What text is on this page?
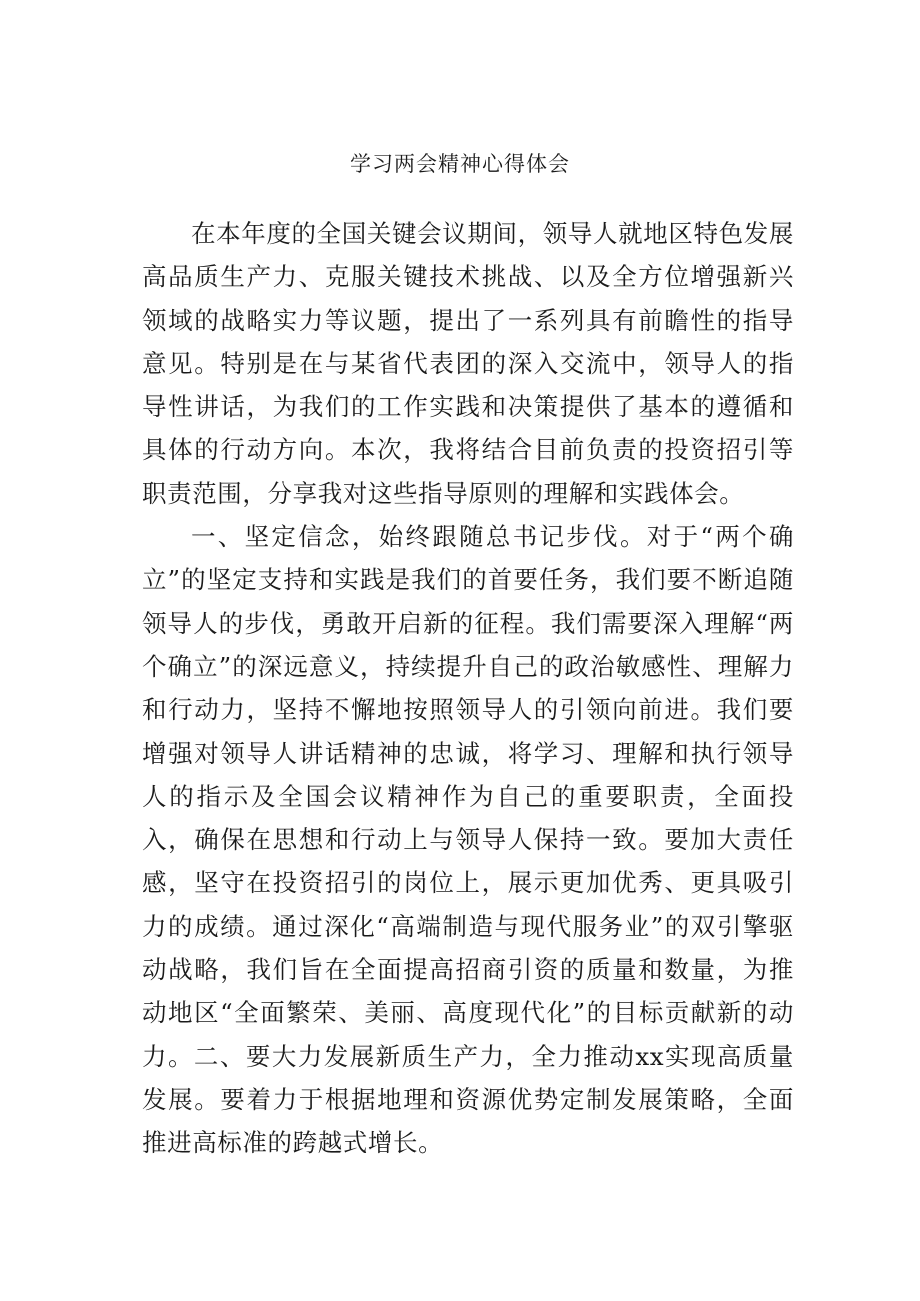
学习两会精神心得体会

在本年度的全国关键会议期间，领导人就地区特色发展高品质生产力、克服关键技术挑战、以及全方位增强新兴领域的战略实力等议题，提出了一系列具有前瞻性的指导意见。特别是在与某省代表团的深入交流中，领导人的指导性讲话，为我们的工作实践和决策提供了基本的遵循和具体的行动方向。本次，我将结合目前负责的投资招引等职责范围，分享我对这些指导原则的理解和实践体会。

一、坚定信念，始终跟随总书记步伐。对于“两个确立”的坚定支持和实践是我们的首要任务，我们要不断追随领导人的步伐，勇敢开启新的征程。我们需要深入理解“两个确立”的深远意义，持续提升自己的政治敏感性、理解力和行动力，坚持不懈地按照领导人的引领向前进。我们要增强对领导人讲话精神的忠诚，将学习、理解和执行领导人的指示及全国会议精神作为自己的重要职责，全面投入，确保在思想和行动上与领导人保持一致。要加大责任感，坚守在投资招引的岗位上，展示更加优秀、更具吸引力的成绩。通过深化“高端制造与现代服务业”的双引擎驱动战略，我们旨在全面提高招商引资的质量和数量，为推动地区“全面繁荣、美丽、高度现代化”的目标贡献新的动力。二、要大力发展新质生产力，全力推动xx实现高质量发展。要着力于根据地理和资源优势定制发展策略，全面推进高标准的跨越式增长。
